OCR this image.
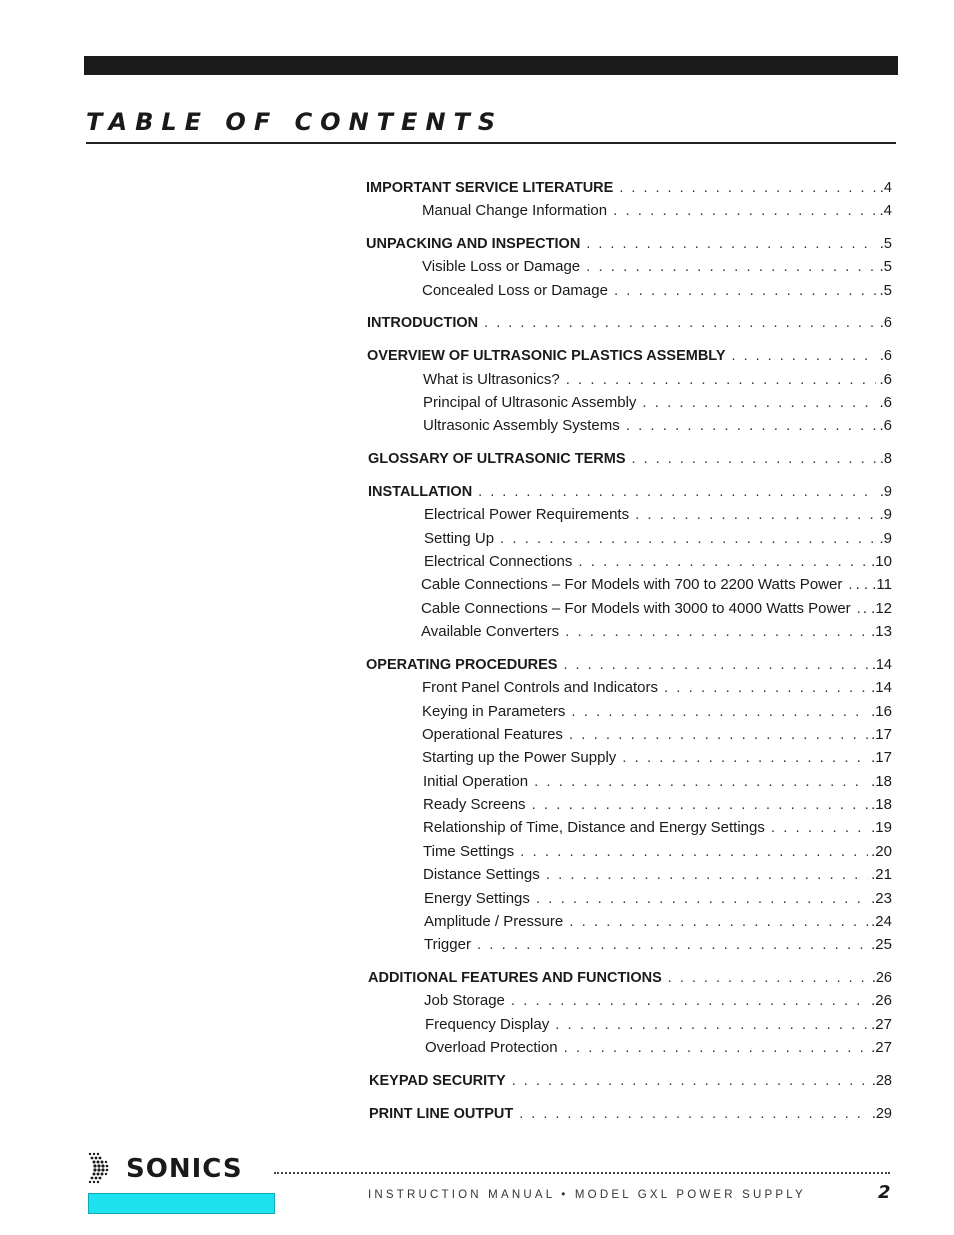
TABLE OF CONTENTS
IMPORTANT SERVICE LITERATURE . . .	.4
Manual Change Information . . .	.4
UNPACKING AND INSPECTION . . .	.5
Visible Loss or Damage . . .	.5
Concealed Loss or Damage . . .	.5
INTRODUCTION . . .	.6
OVERVIEW OF ULTRASONIC PLASTICS ASSEMBLY . . .	.6
What is Ultrasonics? . . .	.6
Principal of Ultrasonic Assembly . . .	.6
Ultrasonic Assembly Systems . . .	.6
GLOSSARY OF ULTRASONIC TERMS . . .	.8
INSTALLATION . . .	.9
Electrical Power Requirements . . .	.9
Setting Up . . .	.9
Electrical Connections . . .	.10
Cable Connections – For Models with 700 to 2200 Watts Power . . . . . .11
Cable Connections – For Models with 3000 to 4000 Watts Power . . . . .12
Available Converters . . .	.13
OPERATING PROCEDURES . . .	.14
Front Panel Controls and Indicators . . .	.14
Keying in Parameters . . .	.16
Operational Features . . .	.17
Starting up the Power Supply . . .	.17
Initial Operation . . .	.18
Ready Screens . . .	.18
Relationship of Time, Distance and Energy Settings . . .	.19
Time Settings . . .	.20
Distance Settings . . .	.21
Energy Settings . . .	.23
Amplitude / Pressure . . .	.24
Trigger . . .	.25
ADDITIONAL FEATURES AND FUNCTIONS . . .	.26
Job Storage . . .	.26
Frequency Display . . .	.27
Overload Protection . . .	.27
KEYPAD SECURITY . . .	.28
PRINT LINE OUTPUT . . .	.29
SONICS
INSTRUCTION MANUAL • MODEL GXL POWER SUPPLY	2
